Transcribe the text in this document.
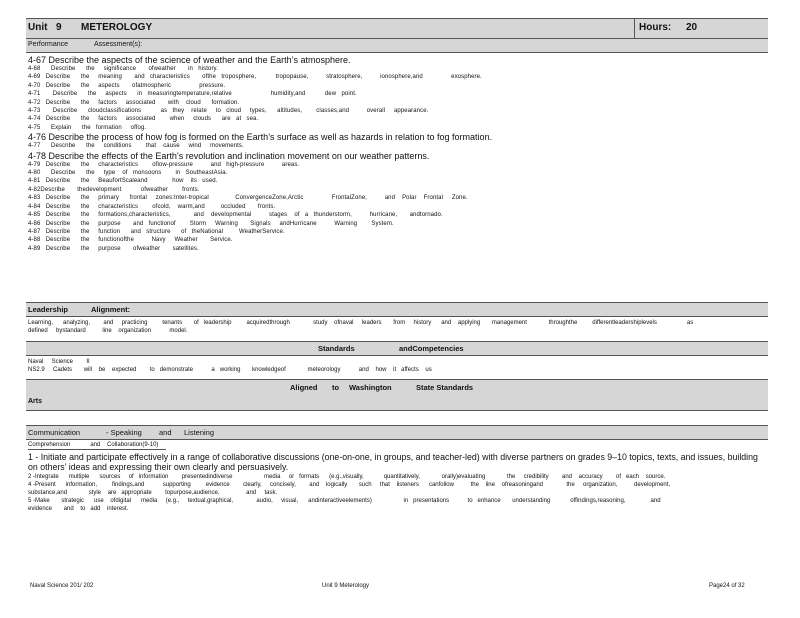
Unit 9 METEROLOGY	Hours: 20
Performance	Assessment(s):
4-67 Describe the aspects of the science of weather and the Earth’s atmosphere.
4-68      Describe      the     significance       ofweather       in   history.
4-69   Describe      the     meaning       and   characteristics       ofthe   troposphere,           tropopause,          stratosphere,          ionosphere,and                exosphere.
4-70   Describe      the     aspects       ofatmospheric                pressure.
4-71       Describe      the     aspects      in   measuringtemperature,relative                      humidity,and           dew   point.
4-72   Describe      the     factors     associated       with    cloud      formation.
4-73       Describe      cloudclassifications           as   they    relate     to   cloud     types,      altitudes,        classes,and          overall     appearance.
4-74   Describe      the     factors     associated        when     clouds      are   at   sea.
4-75      Explain      the   formation     offog.
4-76 Describe the process of how fog is formed on the Earth’s surface as well as hazards in relation to fog formation.
4-77      Describe      the     conditions        that    cause     wind     movements.
4-78 Describe the effects of the Earth’s revolution and inclination movement on our weather patterns.
4-79   Describe      the     characteristics        oflow-pressure          and   high-pressure          areas.
4-80      Describe      the     type    of   monsoons        in   SoutheastAsia.
4-81   Describe      the     BeaufortScaleand              how    its   used.
4-82Describe       thedevelopment           ofweather        fronts.
4-83   Describe      the     primary      frontal     zones:Inter-tropical               ConvergenceZone,Arctic                FrontalZone,          and    Polar    Frontal     Zone.
4-84   Describe      the     characteristics        ofcold,    warm,and         occluded       fronts.
4-85   Describe      the     formations,characteristics,             and    developmental          stages    of   a   thunderstorm,          hurricane,       andtornado.
4-86   Describe      the     purpose       and   functionof        Storm     Warning       Signals     andHurricane          Warning        System.
4-87   Describe      the     function      and   structure      of   theNational         WeatherService.
4-88   Describe      the     functionofthe          Navy     Weather       Service.
4-89   Describe      the     purpose       ofweather       satellites.
Leadership	Alignment:
Learning,      analyzing,        and     practicing         tenants       of   leadership         acquiredthrough              study    ofnaval     leaders       from     history      and    applying       management             throughthe         differentleadershiplevels                  as
defined     bystandard          line    organization           model.
Standards	andCompetencies
Naval     Science        II
NS2.9     Cadets       will    be    expected        to   demonstrate           a   working       knowledgeof             meteorology           and    how    it   affects    us
Aligned to Washington	State Standards
Arts
Communication	- Speaking and Listening
Comprehension            and    Collaboration(9-10)
1 - Initiate and participate effectively in a range of collaborative discussions (one-on-one, in groups, and teacher-led) with diverse partners on grades 9–10 topics, texts, and issues, building on others’ ideas and expressing their own clearly and persuasively.
2 -Integrate      multiple      sources     of   information        presentedindiverse                   media     or   formats      (e.g.,visually,            quantitatively,             orally)evaluating             the     credibility        and    accuracy        of   each    source.
4 -Present      information,         findings,and           supporting         evidence        clearly,     concisely,        and    logically       such     that    listeners      canfollow          the    line    ofreasoningand              the     organization,          development,
substance,and             style    are   appropriate        topurpose,audience,                and     task.
5 -Make       strategic      use    ofdigital      media     (e.g.,     textual,graphical,              audio,     visual,      andinteractiveelements)                   in   presentations           to   enhance       understanding            offindings,reasoning,               and
evidence       and    to   add    interest.
Naval Science 201/ 202	Unit 9 Meterology	Page24 of 32
